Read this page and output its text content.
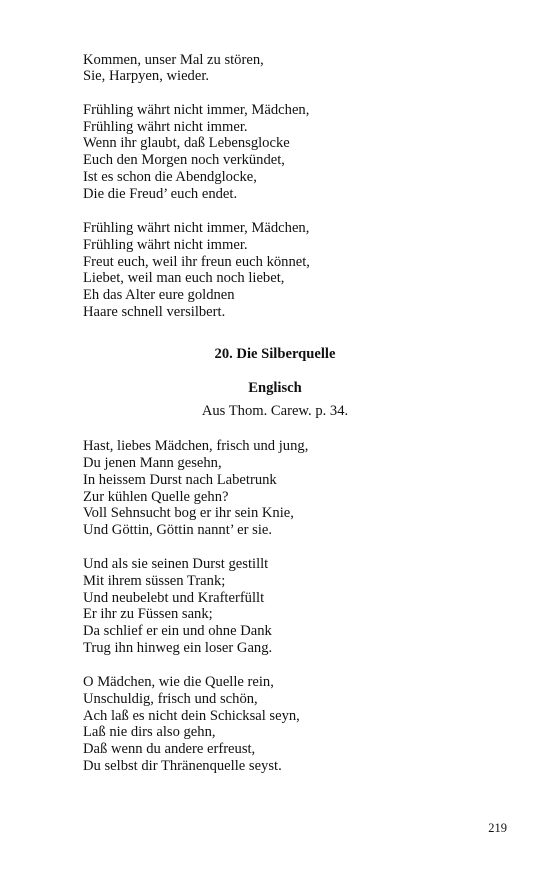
Kommen, unser Mal zu stören,
Sie, Harpyen, wieder.
Frühling währt nicht immer, Mädchen,
Frühling währt nicht immer.
Wenn ihr glaubt, daß Lebensglocke
Euch den Morgen noch verkündet,
Ist es schon die Abendglocke,
Die die Freud’ euch endet.
Frühling währt nicht immer, Mädchen,
Frühling währt nicht immer.
Freut euch, weil ihr freun euch könnet,
Liebet, weil man euch noch liebet,
Eh das Alter eure goldnen
Haare schnell versilbert.
20. Die Silberquelle
Englisch
Aus Thom. Carew. p. 34.
Hast, liebes Mädchen, frisch und jung,
Du jenen Mann gesehn,
In heissem Durst nach Labetrunk
Zur kühlen Quelle gehn?
Voll Sehnsucht bog er ihr sein Knie,
Und Göttin, Göttin nannt’ er sie.
Und als sie seinen Durst gestillt
Mit ihrem süssen Trank;
Und neubelebt und Krafterfüllt
Er ihr zu Füssen sank;
Da schlief er ein und ohne Dank
Trug ihn hinweg ein loser Gang.
O Mädchen, wie die Quelle rein,
Unschuldig, frisch und schön,
Ach laß es nicht dein Schicksal seyn,
Laß nie dirs also gehn,
Daß wenn du andere erfreust,
Du selbst dir Thränenquelle seyst.
219
